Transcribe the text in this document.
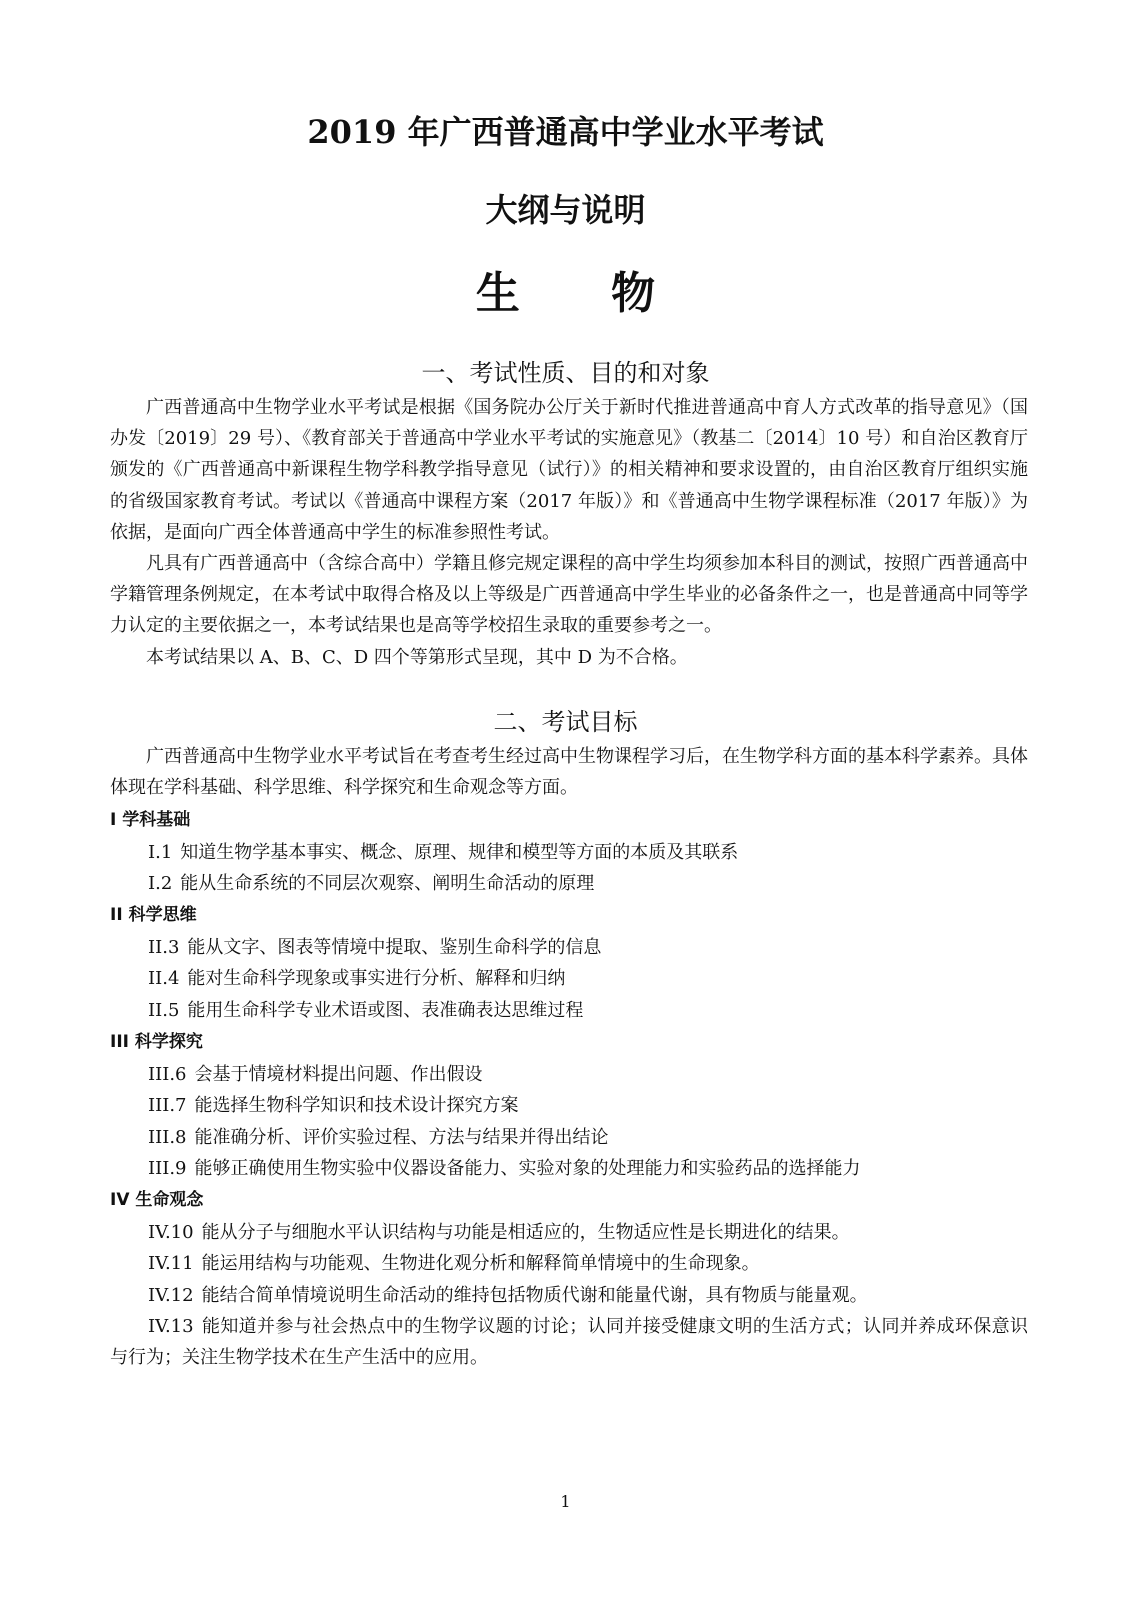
2019 年广西普通高中学业水平考试
大纲与说明
生 物
一、考试性质、目的和对象

广西普通高中生物学业水平考试是根据《国务院办公厅关于新时代推进普通高中育人方式改革的指导意见》（国办发〔2019〕29 号）、《教育部关于普通高中学业水平考试的实施意见》（教基二〔2014〕10 号）和自治区教育厅颁发的《广西普通高中新课程生物学科教学指导意见（试行）》的相关精神和要求设置的，由自治区教育厅组织实施的省级国家教育考试。考试以《普通高中课程方案（2017 年版）》和《普通高中生物学课程标准（2017 年版）》为依据，是面向广西全体普通高中学生的标准参照性考试。

凡具有广西普通高中（含综合高中）学籍且修完规定课程的高中学生均须参加本科目的测试，按照广西普通高中学籍管理条例规定，在本考试中取得合格及以上等级是广西普通高中学生毕业的必备条件之一，也是普通高中同等学力认定的主要依据之一，本考试结果也是高等学校招生录取的重要参考之一。

本考试结果以 A、B、C、D 四个等第形式呈现，其中 D 为不合格。

二、考试目标

广西普通高中生物学业水平考试旨在考查考生经过高中生物课程学习后，在生物学科方面的基本科学素养。具体体现在学科基础、科学思维、科学探究和生命观念等方面。

I 学科基础
I.1 知道生物学基本事实、概念、原理、规律和模型等方面的本质及其联系
I.2 能从生命系统的不同层次观察、阐明生命活动的原理
II 科学思维
II.3 能从文字、图表等情境中提取、鉴别生命科学的信息
II.4 能对生命科学现象或事实进行分析、解释和归纳
II.5 能用生命科学专业术语或图、表准确表达思维过程
III 科学探究
III.6 会基于情境材料提出问题、作出假设
III.7 能选择生物科学知识和技术设计探究方案
III.8 能准确分析、评价实验过程、方法与结果并得出结论
III.9 能够正确使用生物实验中仪器设备能力、实验对象的处理能力和实验药品的选择能力
IV 生命观念
IV.10 能从分子与细胞水平认识结构与功能是相适应的，生物适应性是长期进化的结果。
IV.11 能运用结构与功能观、生物进化观分析和解释简单情境中的生命现象。
IV.12 能结合简单情境说明生命活动的维持包括物质代谢和能量代谢，具有物质与能量观。
IV.13 能知道并参与社会热点中的生物学议题的讨论；认同并接受健康文明的生活方式；认同并养成环保意识与行为；关注生物学技术在生产生活中的应用。
1
